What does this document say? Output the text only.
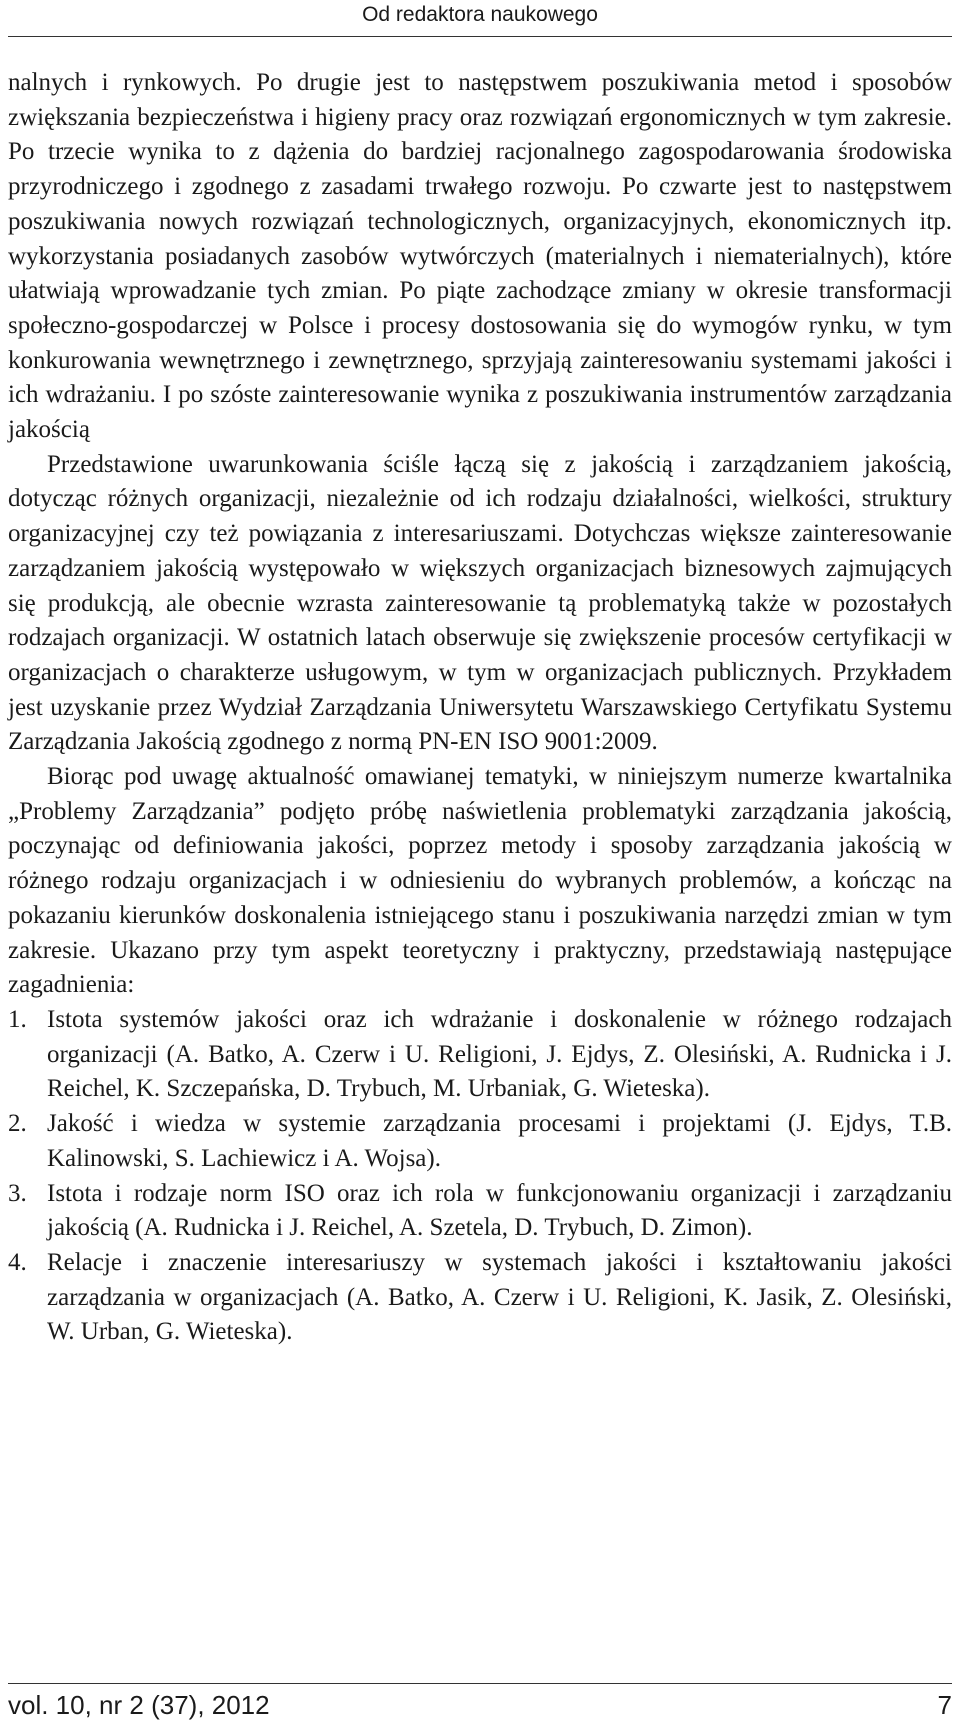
Od redaktora naukowego

nalnych i rynkowych. Po drugie jest to następstwem poszukiwania metod i sposobów zwiększania bezpieczeństwa i higieny pracy oraz rozwiązań ergonomicznych w tym zakresie. Po trzecie wynika to z dążenia do bardziej racjonalnego zagospodarowania środowiska przyrodniczego i zgodnego z zasadami trwałego rozwoju. Po czwarte jest to następstwem poszukiwania nowych rozwiązań technologicznych, organizacyjnych, ekonomicznych itp. wykorzystania posiadanych zasobów wytwórczych (materialnych i niematerialnych), które ułatwiają wprowadzanie tych zmian. Po piąte zachodzące zmiany w okresie transformacji społeczno-gospodarczej w Polsce i procesy dostosowania się do wymogów rynku, w tym konkurowania wewnętrznego i zewnętrznego, sprzyjają zainteresowaniu systemami jakości i ich wdrażaniu. I po szóste zainteresowanie wynika z poszukiwania instrumentów zarządzania jakością

Przedstawione uwarunkowania ściśle łączą się z jakością i zarządzaniem jakością, dotycząc różnych organizacji, niezależnie od ich rodzaju działalności, wielkości, struktury organizacyjnej czy też powiązania z interesariuszami. Dotychczas większe zainteresowanie zarządzaniem jakością występowało w większych organizacjach biznesowych zajmujących się produkcją, ale obecnie wzrasta zainteresowanie tą problematyką także w pozostałych rodzajach organizacji. W ostatnich latach obserwuje się zwiększenie procesów certyfikacji w organizacjach o charakterze usługowym, w tym w organizacjach publicznych. Przykładem jest uzyskanie przez Wydział Zarządzania Uniwersytetu Warszawskiego Certyfikatu Systemu Zarządzania Jakością zgodnego z normą PN-EN ISO 9001:2009.

Biorąc pod uwagę aktualność omawianej tematyki, w niniejszym numerze kwartalnika „Problemy Zarządzania” podjęto próbę naświetlenia problematyki zarządzania jakością, poczynając od definiowania jakości, poprzez metody i sposoby zarządzania jakością w różnego rodzaju organizacjach i w odniesieniu do wybranych problemów, a kończąc na pokazaniu kierunków doskonalenia istniejącego stanu i poszukiwania narzędzi zmian w tym zakresie. Ukazano przy tym aspekt teoretyczny i praktyczny, przedstawiają następujące zagadnienia:

1. Istota systemów jakości oraz ich wdrażanie i doskonalenie w różnego rodzajach organizacji (A. Batko, A. Czerw i U. Religioni, J. Ejdys, Z. Olesiński, A. Rudnicka i J. Reichel, K. Szczepańska, D. Trybuch, M. Urbaniak, G. Wieteska).
2. Jakość i wiedza w systemie zarządzania procesami i projektami (J. Ejdys, T.B. Kalinowski, S. Lachiewicz i A. Wojsa).
3. Istota i rodzaje norm ISO oraz ich rola w funkcjonowaniu organizacji i zarządzaniu jakością (A. Rudnicka i J. Reichel, A. Szetela, D. Trybuch, D. Zimon).
4. Relacje i znaczenie interesariuszy w systemach jakości i kształtowaniu jakości zarządzania w organizacjach (A. Batko, A. Czerw i U. Religioni, K. Jasik, Z. Olesiński, W. Urban, G. Wieteska).
vol. 10, nr 2 (37), 2012	7
